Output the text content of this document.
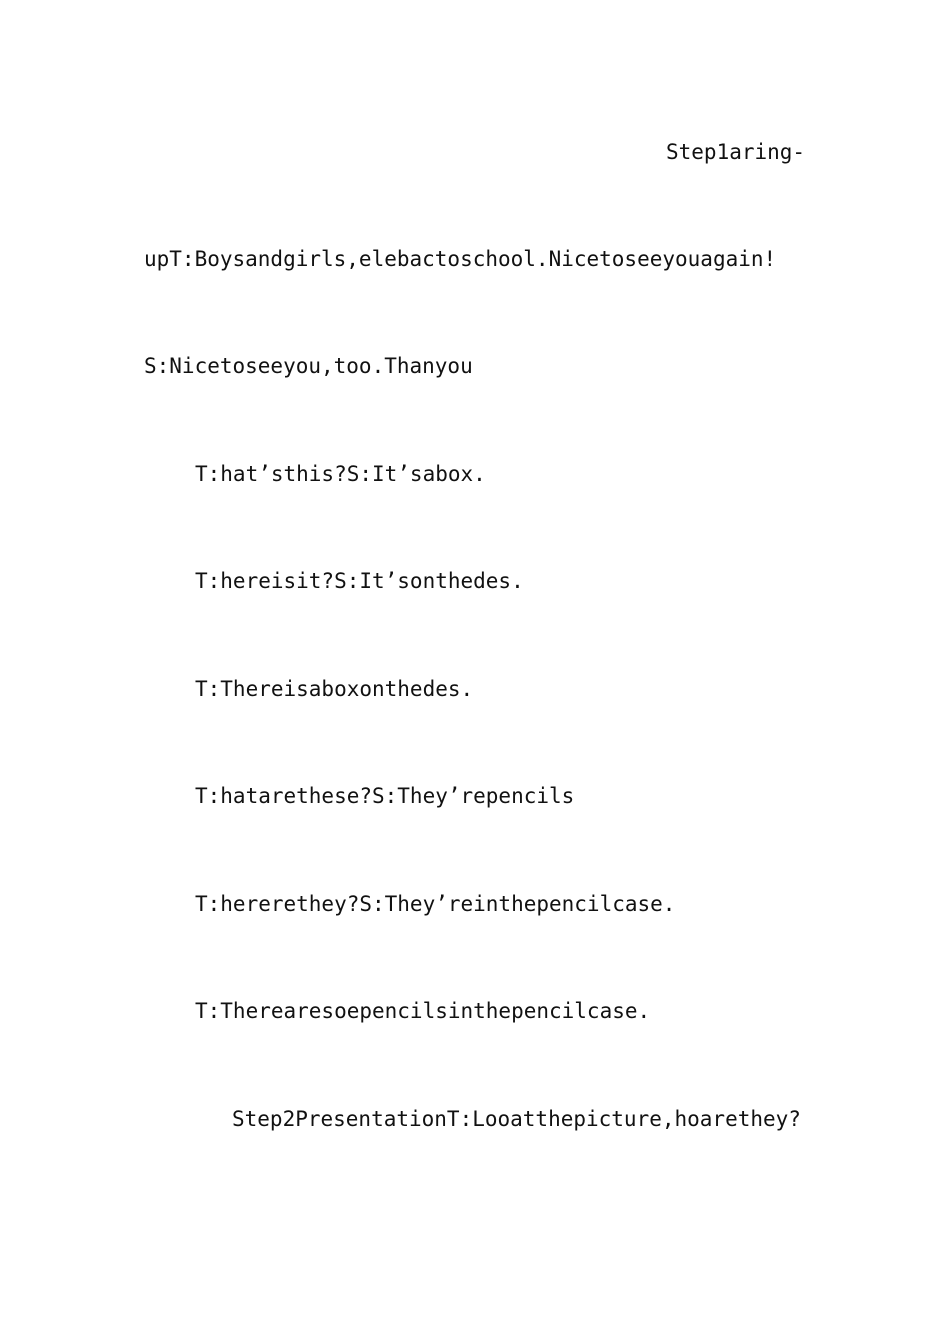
Step1aring-
upT:Boysandgirls,elebactoschool.Nicetoseeyouagain!
S:Nicetoseeyou,too.Thanyou
T:hat’sthis?S:It’sabox.
T:hereisit?S:It’sonthedes.
T:Thereisaboxonthedes.
T:hatarethese?S:They’repencils
T:hererethey?S:They’reinthepencilcase.
T:Therearesoepencilsinthepencilcase.
Step2PresentationT:Looatthepicture,hoarethey?
